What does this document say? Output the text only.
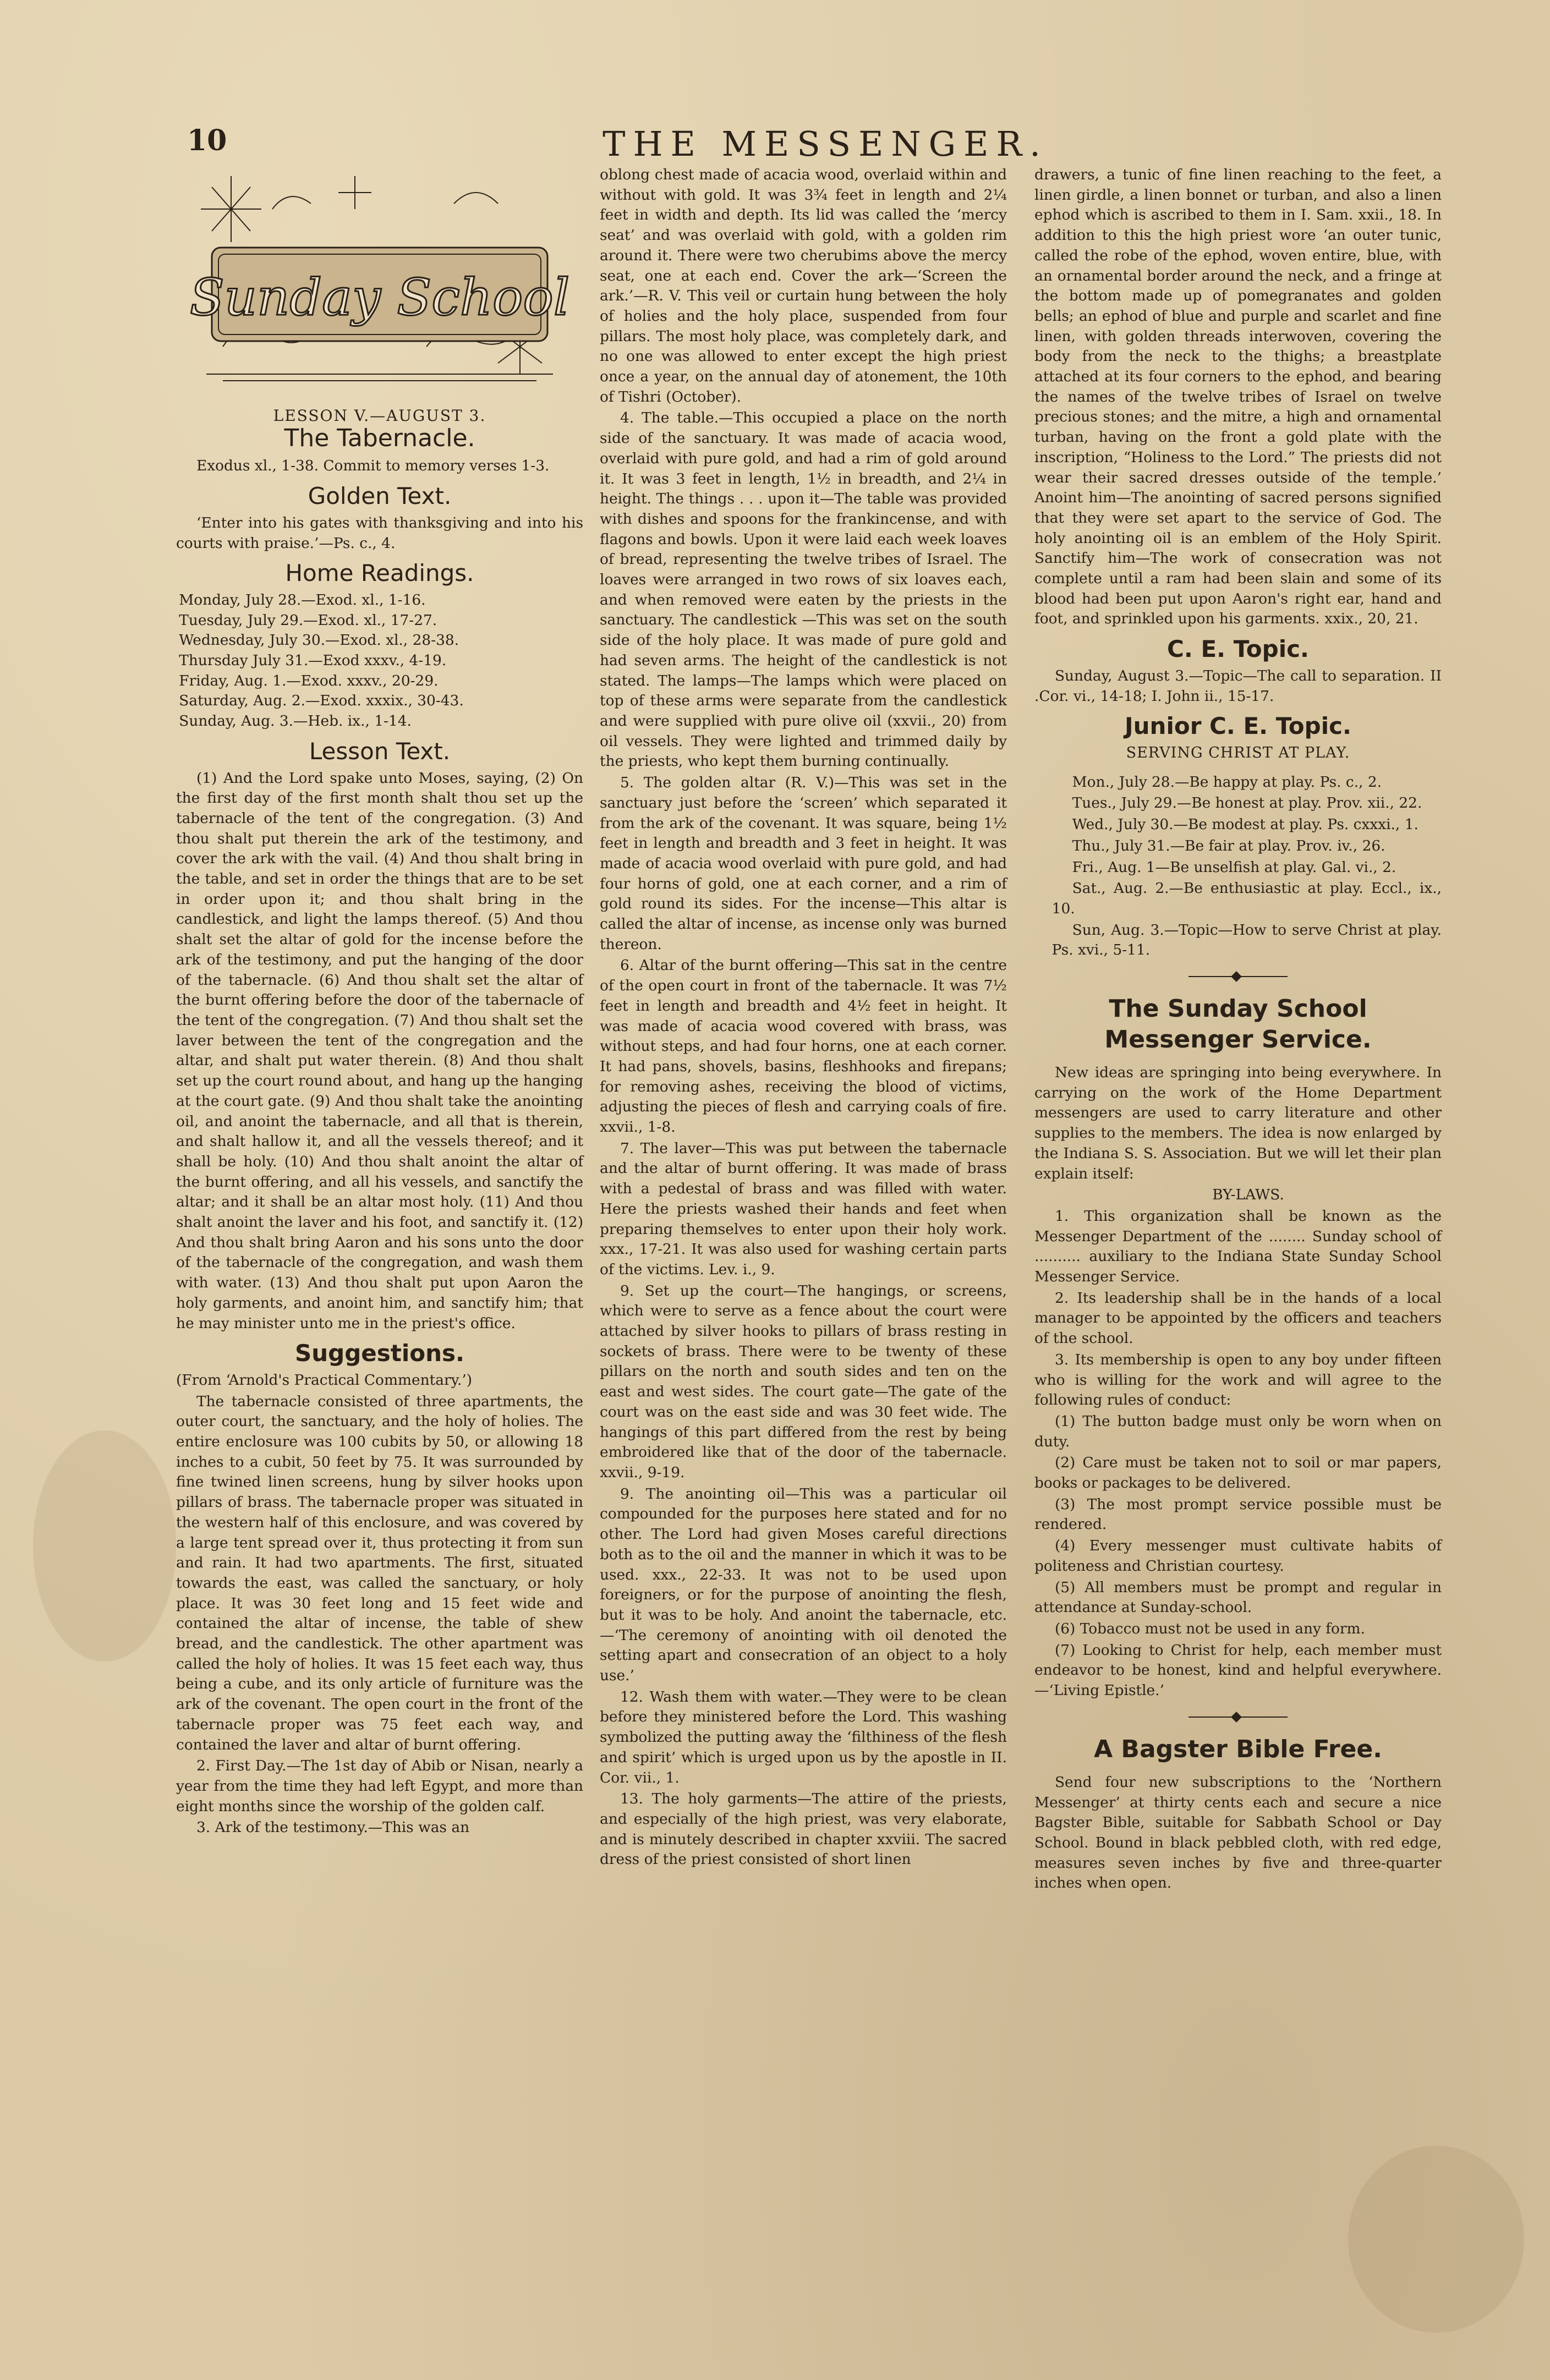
10	THE MESSENGER.
Sunday School
LESSON V.—AUGUST 3.
The Tabernacle.

Exodus xl., 1-38. Commit to memory verses 1-3.

Golden Text.

‘Enter into his gates with thanksgiving and into his courts with praise.’—Ps. c., 4.

Home Readings.
Monday, July 28.—Exod. xl., 1-16.
Tuesday, July 29.—Exod. xl., 17-27.
Wednesday, July 30.—Exod. xl., 28-38.
Thursday July 31.—Exod xxxv., 4-19.
Friday, Aug. 1.—Exod. xxxv., 20-29.
Saturday, Aug. 2.—Exod. xxxix., 30-43.
Sunday, Aug. 3.—Heb. ix., 1-14.
Lesson Text.

(1) And the Lord spake unto Moses, saying, (2) On the first day of the first month shalt thou set up the tabernacle of the tent of the congregation. (3) And thou shalt put therein the ark of the testimony, and cover the ark with the vail. (4) And thou shalt bring in the table, and set in order the things that are to be set in order upon it; and thou shalt bring in the candlestick, and light the lamps thereof. (5) And thou shalt set the altar of gold for the incense before the ark of the testimony, and put the hanging of the door of the tabernacle. (6) And thou shalt set the altar of the burnt offering before the door of the tabernacle of the tent of the congregation. (7) And thou shalt set the laver between the tent of the congregation and the altar, and shalt put water therein. (8) And thou shalt set up the court round about, and hang up the hanging at the court gate. (9) And thou shalt take the anointing oil, and anoint the tabernacle, and all that is therein, and shalt hallow it, and all the vessels thereof; and it shall be holy. (10) And thou shalt anoint the altar of the burnt offering, and all his vessels, and sanctify the altar; and it shall be an altar most holy. (11) And thou shalt anoint the laver and his foot, and sanctify it. (12) And thou shalt bring Aaron and his sons unto the door of the tabernacle of the congregation, and wash them with water. (13) And thou shalt put upon Aaron the holy garments, and anoint him, and sanctify him; that he may minister unto me in the priest's office.

Suggestions.

(From ‘Arnold's Practical Commentary.’)

The tabernacle consisted of three apartments, the outer court, the sanctuary, and the holy of holies. The entire enclosure was 100 cubits by 50, or allowing 18 inches to a cubit, 50 feet by 75. It was surrounded by fine twined linen screens, hung by silver hooks upon pillars of brass. The tabernacle proper was situated in the western half of this enclosure, and was covered by a large tent spread over it, thus protecting it from sun and rain. It had two apartments. The first, situated towards the east, was called the sanctuary, or holy place. It was 30 feet long and 15 feet wide and contained the altar of incense, the table of shew bread, and the candlestick. The other apartment was called the holy of holies. It was 15 feet each way, thus being a cube, and its only article of furniture was the ark of the covenant. The open court in the front of the tabernacle proper was 75 feet each way, and contained the laver and altar of burnt offering.

2. First Day.—The 1st day of Abib or Nisan, nearly a year from the time they had left Egypt, and more than eight months since the worship of the golden calf.

3. Ark of the testimony.—This was an

oblong chest made of acacia wood, overlaid within and without with gold. It was 3¾ feet in length and 2¼ feet in width and depth. Its lid was called the ‘mercy seat’ and was overlaid with gold, with a golden rim around it. There were two cherubims above the mercy seat, one at each end. Cover the ark—‘Screen the ark.’—R. V. This veil or curtain hung between the holy of holies and the holy place, suspended from four pillars. The most holy place, was completely dark, and no one was allowed to enter except the high priest once a year, on the annual day of atonement, the 10th of Tishri (October).

4. The table.—This occupied a place on the north side of the sanctuary. It was made of acacia wood, overlaid with pure gold, and had a rim of gold around it. It was 3 feet in length, 1½ in breadth, and 2¼ in height. The things . . . upon it—The table was provided with dishes and spoons for the frankincense, and with flagons and bowls. Upon it were laid each week loaves of bread, representing the twelve tribes of Israel. The loaves were arranged in two rows of six loaves each, and when removed were eaten by the priests in the sanctuary. The candlestick —This was set on the south side of the holy place. It was made of pure gold and had seven arms. The height of the candlestick is not stated. The lamps—The lamps which were placed on top of these arms were separate from the candlestick and were supplied with pure olive oil (xxvii., 20) from oil vessels. They were lighted and trimmed daily by the priests, who kept them burning continually.

5. The golden altar (R. V.)—This was set in the sanctuary just before the ‘screen’ which separated it from the ark of the covenant. It was square, being 1½ feet in length and breadth and 3 feet in height. It was made of acacia wood overlaid with pure gold, and had four horns of gold, one at each corner, and a rim of gold round its sides. For the incense—This altar is called the altar of incense, as incense only was burned thereon.

6. Altar of the burnt offering—This sat in the centre of the open court in front of the tabernacle. It was 7½ feet in length and breadth and 4½ feet in height. It was made of acacia wood covered with brass, was without steps, and had four horns, one at each corner. It had pans, shovels, basins, fleshhooks and firepans; for removing ashes, receiving the blood of victims, adjusting the pieces of flesh and carrying coals of fire. xxvii., 1-8.

7. The laver—This was put between the tabernacle and the altar of burnt offering. It was made of brass with a pedestal of brass and was filled with water. Here the priests washed their hands and feet when preparing themselves to enter upon their holy work. xxx., 17-21. It was also used for washing certain parts of the victims. Lev. i., 9.

9. Set up the court—The hangings, or screens, which were to serve as a fence about the court were attached by silver hooks to pillars of brass resting in sockets of brass. There were to be twenty of these pillars on the north and south sides and ten on the east and west sides. The court gate—The gate of the court was on the east side and was 30 feet wide. The hangings of this part differed from the rest by being embroidered like that of the door of the tabernacle. xxvii., 9-19.

9. The anointing oil—This was a particular oil compounded for the purposes here stated and for no other. The Lord had given Moses careful directions both as to the oil and the manner in which it was to be used. xxx., 22-33. It was not to be used upon foreigners, or for the purpose of anointing the flesh, but it was to be holy. And anoint the tabernacle, etc.—‘The ceremony of anointing with oil denoted the setting apart and consecration of an object to a holy use.’

12. Wash them with water.—They were to be clean before they ministered before the Lord. This washing symbolized the putting away the ‘filthiness of the flesh and spirit’ which is urged upon us by the apostle in II. Cor. vii., 1.

13. The holy garments—The attire of the priests, and especially of the high priest, was very elaborate, and is minutely described in chapter xxviii. The sacred dress of the priest consisted of short linen

drawers, a tunic of fine linen reaching to the feet, a linen girdle, a linen bonnet or turban, and also a linen ephod which is ascribed to them in I. Sam. xxii., 18. In addition to this the high priest wore ‘an outer tunic, called the robe of the ephod, woven entire, blue, with an ornamental border around the neck, and a fringe at the bottom made up of pomegranates and golden bells; an ephod of blue and purple and scarlet and fine linen, with golden threads interwoven, covering the body from the neck to the thighs; a breastplate attached at its four corners to the ephod, and bearing the names of the twelve tribes of Israel on twelve precious stones; and the mitre, a high and ornamental turban, having on the front a gold plate with the inscription, “Holiness to the Lord.” The priests did not wear their sacred dresses outside of the temple.’ Anoint him—The anointing of sacred persons signified that they were set apart to the service of God. The holy anointing oil is an emblem of the Holy Spirit. Sanctify him—The work of consecration was not complete until a ram had been slain and some of its blood had been put upon Aaron's right ear, hand and foot, and sprinkled upon his garments. xxix., 20, 21.

C. E. Topic.

Sunday, August 3.—Topic—The call to separation. II .Cor. vi., 14-18; I. John ii., 15-17.

Junior C. E. Topic.
SERVING CHRIST AT PLAY.

Mon., July 28.—Be happy at play. Ps. c., 2.

Tues., July 29.—Be honest at play. Prov. xii., 22.

Wed., July 30.—Be modest at play. Ps. cxxxi., 1.

Thu., July 31.—Be fair at play. Prov. iv., 26.

Fri., Aug. 1—Be unselfish at play. Gal. vi., 2.

Sat., Aug. 2.—Be enthusiastic at play. Eccl., ix., 10.

Sun, Aug. 3.—Topic—How to serve Christ at play. Ps. xvi., 5-11.

The Sunday School Messenger Service.

New ideas are springing into being everywhere. In carrying on the work of the Home Department messengers are used to carry literature and other supplies to the members. The idea is now enlarged by the Indiana S. S. Association. But we will let their plan explain itself:

BY-LAWS.

1. This organization shall be known as the Messenger Department of the ........ Sunday school of .......... auxiliary to the Indiana State Sunday School Messenger Service.

2. Its leadership shall be in the hands of a local manager to be appointed by the officers and teachers of the school.

3. Its membership is open to any boy under fifteen who is willing for the work and will agree to the following rules of conduct:

(1) The button badge must only be worn when on duty.

(2) Care must be taken not to soil or mar papers, books or packages to be delivered.

(3) The most prompt service possible must be rendered.

(4) Every messenger must cultivate habits of politeness and Christian courtesy.

(5) All members must be prompt and regular in attendance at Sunday-school.

(6) Tobacco must not be used in any form.

(7) Looking to Christ for help, each member must endeavor to be honest, kind and helpful everywhere.—‘Living Epistle.’

A Bagster Bible Free.

Send four new subscriptions to the ‘Northern Messenger’ at thirty cents each and secure a nice Bagster Bible, suitable for Sabbath School or Day School. Bound in black pebbled cloth, with red edge, measures seven inches by five and three-quarter inches when open.
